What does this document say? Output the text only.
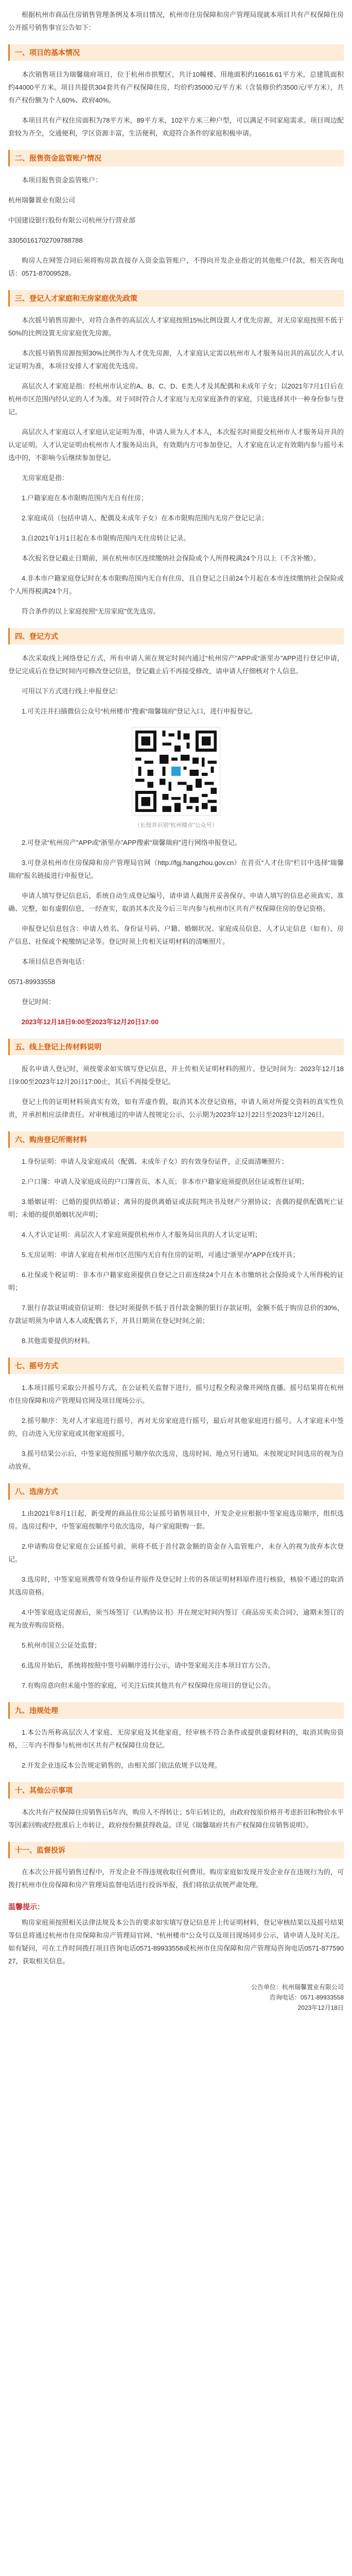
根据杭州市商品住房销售管理条例及本项目情况，杭州市住房保障和房产管理局现就本项目共有产权保障住房公开摇号销售事宜公告如下：

一、项目的基本情况

本次销售项目为瑞馨瑞府项目，位于杭州市拱墅区，共计10幢楼、用地面积约16616.61平方米，总建筑面积约44000平方米。项目共提供304套共有产权保障住房，均价约35000元/平方米（含装修价约3500元/平方米），共有产权份额为个人60%、政府40%。

本项目共有产权住房面积为78平方米，89平方米，102平方米三种户型，可以满足不同家庭需求。项目周边配套较为齐全，交通便利，学区资源丰富，生活便利，欢迎符合条件的家庭积极申请。

二、报售资金监管账户情况

本项目报售资金监管账户：

杭州瑞馨置业有限公司

中国建设银行股份有限公司杭州分行营业部

33050161702709788788

购房人在网签合同后须将购房款直接存入资金监管账户，不得向开发企业指定的其他账户付款，相关咨询电话：0571-87009528。

三、登记人才家庭和无房家庭优先政策

本次摇号销售房源中，对符合条件的高层次人才家庭按照15%比例设置人才优先房源，对无房家庭按照不低于50%的比例设置无房家庭优先房源。

本次摇号销售房源按照30%比例作为人才优先房源，人才家庭认定需以杭州市人才服务局出具的高层次人才认定证明为准，本项目安排人才家庭优先选房。

高层次人才家庭是指：经杭州市认定的A、B、C、D、E类人才及其配偶和未成年子女；以2021年7月1日后在杭州市区范围内经认定的人才为准。对于同时符合人才家庭与无房家庭条件的家庭，只能选择其中一种身份参与登记。

高层次人才家庭以人才家庭认定证明为准，申请人须为人才本人，本次报名时须提交杭州市人才服务局开具的认定证明。人才认定证明由杭州市人才服务局出具，有效期内方可参加登记，人才家庭在认定有效期内参与摇号未选中的，不影响今后继续参加登记。

无房家庭是指：

1.户籍家庭在本市限购范围内无自有住房；

2.家庭成员（包括申请人、配偶及未成年子女）在本市限购范围内无房产登记记录；

3.自2021年1月1日起在本市限购范围内无住房转让记录。

本次报名登记截止日期前，须在杭州市区连续缴纳社会保险或个人所得税满24个月以上（不含补缴）。

4.非本市户籍家庭登记时在本市限购范围内无自有住房，且自登记之日前24个月起在本市连续缴纳社会保险或个人所得税满24个月。

符合条件的以上家庭按照“无房家庭”优先选房。

四、登记方式

本次采取线上网络登记方式，所有申请人须在规定时间内通过“杭州房产”APP或“浙里办”APP进行登记申请，登记完成后在登记时间内可修改登记信息，登记截止后不再接受修改，请申请人仔细核对个人信息。

可用以下方式进行线上申报登记：

1.可关注并扫描微信公众号“杭州楼市”搜索“瑞馨瑞府”登记入口，进行申报登记。

（长按并识别“杭州楼市”公众号）

2.可登录“杭州房产”APP或“浙里办”APP搜索“瑞馨瑞府”进行网络申报登记。

3.可登录杭州市住房保障和房产管理局官网（http://fgj.hangzhou.gov.cn）在首页“人才住房”栏目中选择“瑞馨瑞府”报名链接进行申报登记。

申请人填写登记信息后，系统自动生成登记编号，请申请人截图并妥善保存。申请人填写的信息必须真实、准确、完整，如有虚假信息，一经查实，取消其本次及今后三年内参与杭州市区共有产权保障住房的登记资格。

申报登记信息包含：申请人姓名、身份证号码、户籍、婚姻状况、家庭成员信息、人才认定信息（如有）、房产信息、社保或个税缴纳记录等。登记时须上传相关证明材料的清晰照片。

本项目信息咨询电话：

0571-89933558

登记时间：

2023年12月18日9:00至2023年12月20日17:00

五、线上登记上传材料说明

报名申请人登记时，须按要求如实填写登记信息，并上传相关证明材料的照片。登记时间为：2023年12月18日9:00至2023年12月20日17:00止，其后不再接受登记。

登记上传的证明材料须真实有效，如有弄虚作假，取消其本次登记资格，申请人须对所提交资料的真实性负责，并承担相应法律责任。对审核通过的申请人按规定公示，公示期为2023年12月22日至2023年12月26日。

六、购房登记所需材料

1.身份证明：申请人及家庭成员（配偶、未成年子女）的有效身份证件，正反面清晰照片；

2.户口簿：申请人及家庭成员的户口簿首页、本人页；非本市户籍家庭须提供居住证或暂住证明；

3.婚姻证明：已婚的提供结婚证；离异的提供离婚证或法院判决书及财产分割协议；丧偶的提供配偶死亡证明；未婚的提供婚姻状况声明；

4.人才认定证明：高层次人才家庭须提供杭州市人才服务局出具的人才认定证明；

5.无房证明：申请人家庭在杭州市区范围内无自有住房的证明，可通过“浙里办”APP在线开具；

6.社保或个税证明：非本市户籍家庭须提供自登记之日前连续24个月在本市缴纳社会保险或个人所得税的证明；

7.银行存款证明或资信证明：登记时须提供不低于首付款金额的银行存款证明，金额不低于购房总价的30%，存款证明须为申请人本人或配偶名下，开具日期须在登记时间之前；

8.其他需要提供的材料。

七、摇号方式

1.本项目摇号采取公开摇号方式，在公证机关监督下进行，摇号过程全程录像并网络直播。摇号结果将在杭州市住房保障和房产管理局官网及项目现场公示。

2.摇号顺序：先对人才家庭进行摇号，再对无房家庭进行摇号，最后对其他家庭进行摇号。人才家庭未中签的，自动进入无房家庭或其他家庭摇号。

3.摇号结果公示后，中签家庭按照摇号顺序依次选房，选房时间、地点另行通知。未按规定时间选房的视为自动放弃。

八、选房方式

1.由2021年8月1日起，新受理的商品住房公证摇号销售项目中，开发企业应根据中签家庭选房顺序，组织选房。选房过程中，中签家庭按顺序号依次选房，每户家庭限购一套。

2.申请购房登记家庭在公证摇号前，须将不低于首付款金额的资金存入监管账户，未存入的视为放弃本次登记。

3.选房时，中签家庭须携带有效身份证件原件及登记时上传的各项证明材料原件进行核验，核验不通过的取消其选房资格。

4.中签家庭选定房源后，须当场签订《认购协议书》并在规定时间内签订《商品房买卖合同》，逾期未签订的视为放弃购房资格。

5.杭州市国立公证处监督；

6.选房开始后，系统将按照中签号码顺序进行公示，请中签家庭关注本项目官方公告。

7.有购房意向但未能中签的家庭，可关注后续其他共有产权保障住房项目的登记公告。

九、违规处理

1.本公告所称高层次人才家庭、无房家庭及其他家庭，经审核不符合条件或提供虚假材料的，取消其购房资格，三年内不得参与杭州市区共有产权保障住房登记。

2.开发企业违反本公告规定销售的，由相关部门依法依规予以处理。

十、其他公示事项

本次共有产权保障住房销售后5年内，购房人不得转让；5年后转让的，由政府按原价格并考虑折旧和物价水平等因素回购或经批准后上市转让，政府按份额获得收益。详见《瑞馨瑞府共有产权保障住房销售说明》。

十一、监督投诉

在本次公开摇号销售过程中，开发企业不得违规收取任何费用。购房家庭如发现开发企业存在违规行为的，可拨打杭州市住房保障和房产管理局监督电话进行投诉举报，我们将依法依规严肃处理。

温馨提示：

购房家庭须按照相关法律法规及本公告的要求如实填写登记信息并上传证明材料，登记审核结果以及摇号结果等信息将通过杭州市住房保障和房产管理局官网、“杭州楼市”公众号以及项目现场同步公示，请申请人及时关注。如有疑问，可在工作时间拨打项目咨询电话0571-89933558或杭州市住房保障和房产管理局咨询电话0571-87759027，获取相关信息。

公告单位：杭州瑞馨置业有限公司
咨询电话：0571-89933558
2023年12月18日
